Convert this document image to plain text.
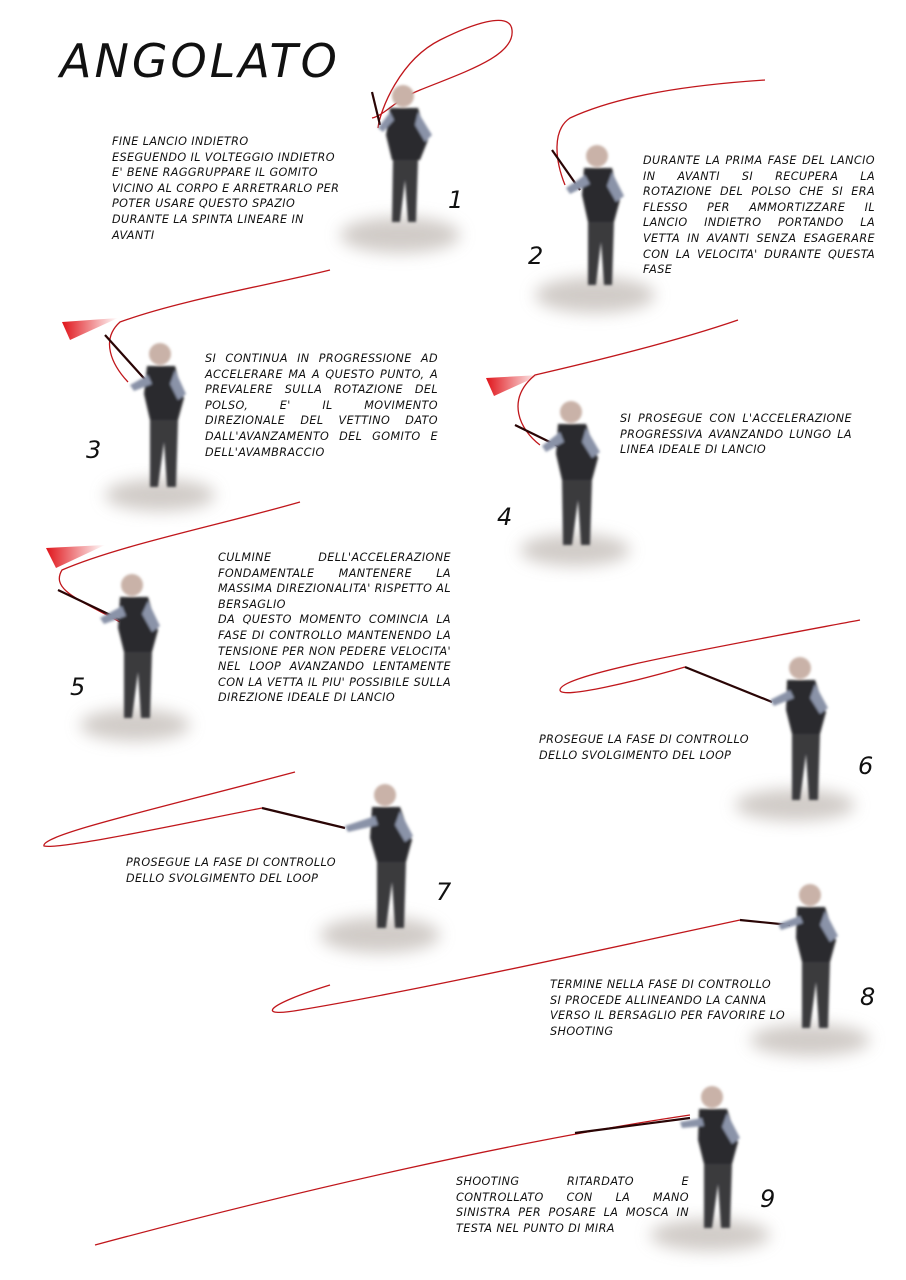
ANGOLATO

FINE LANCIO INDIETRO
ESEGUENDO IL VOLTEGGIO INDIETRO E' BENE RAGGRUPPARE IL GOMITO VICINO AL CORPO E ARRETRARLO PER POTER USARE QUESTO SPAZIO DURANTE LA SPINTA LINEARE IN AVANTI

1

DURANTE LA PRIMA FASE DEL LANCIO IN AVANTI SI RECUPERA LA ROTAZIONE DEL POLSO CHE SI ERA FLESSO PER AMMORTIZZARE IL LANCIO INDIETRO PORTANDO LA VETTA IN AVANTI SENZA ESAGERARE CON LA VELOCITA' DURANTE QUESTA FASE

2

SI CONTINUA IN PROGRESSIONE AD ACCELERARE MA A QUESTO PUNTO, A PREVALERE SULLA ROTAZIONE DEL POLSO, E' IL MOVIMENTO DIREZIONALE DEL VETTINO DATO DALL'AVANZAMENTO DEL GOMITO E DELL'AVAMBRACCIO

3

SI PROSEGUE CON L'ACCELERAZIONE PROGRESSIVA AVANZANDO LUNGO LA LINEA IDEALE DI LANCIO

4

CULMINE DELL'ACCELERAZIONE FONDAMENTALE MANTENERE LA MASSIMA DIREZIONALITA' RISPETTO AL BERSAGLIO
DA QUESTO MOMENTO COMINCIA LA FASE DI CONTROLLO MANTENENDO LA TENSIONE PER NON PEDERE VELOCITA' NEL LOOP AVANZANDO LENTAMENTE CON LA VETTA IL PIU' POSSIBILE SULLA DIREZIONE IDEALE DI LANCIO

5

PROSEGUE LA FASE DI CONTROLLO
DELLO SVOLGIMENTO DEL LOOP	6

PROSEGUE LA FASE DI CONTROLLO
DELLO SVOLGIMENTO DEL LOOP	7

TERMINE NELLA FASE DI CONTROLLO
SI PROCEDE ALLINEANDO LA CANNA VERSO IL BERSAGLIO PER FAVORIRE LO SHOOTING

8

SHOOTING RITARDATO E CONTROLLATO CON LA MANO SINISTRA PER POSARE LA MOSCA IN TESTA NEL PUNTO DI MIRA

9
